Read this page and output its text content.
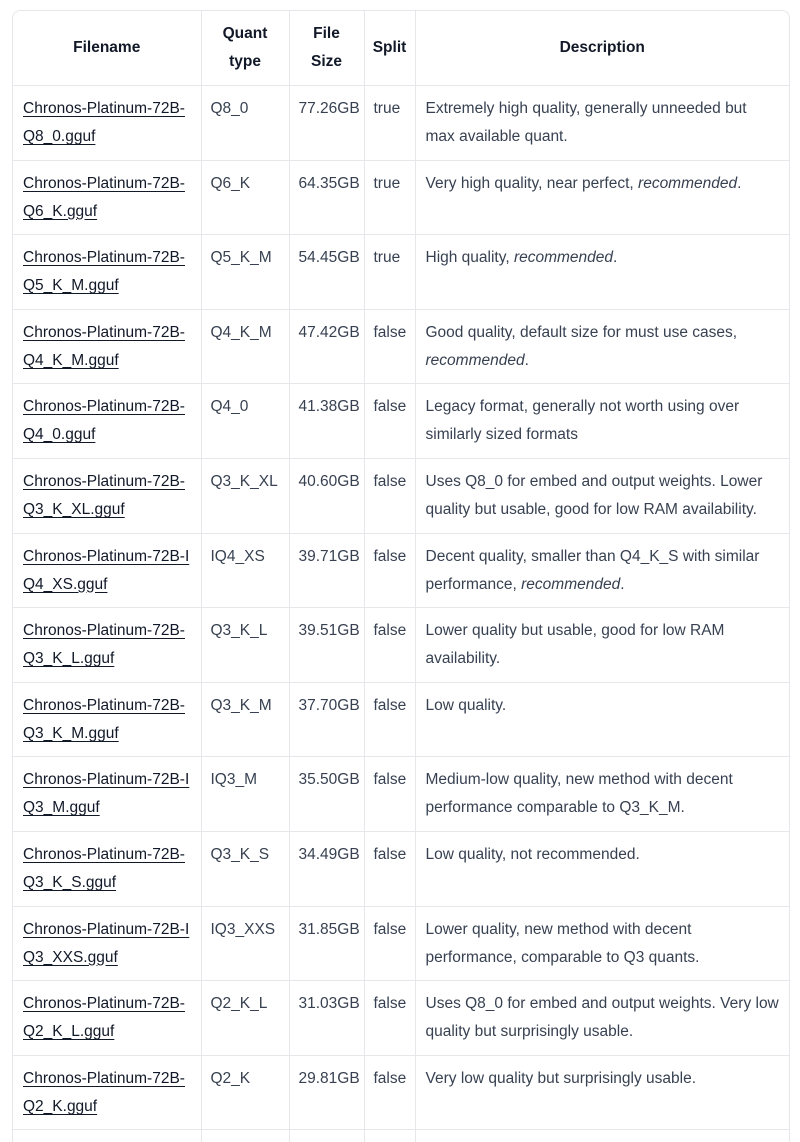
Filename	Quant type	File Size	Split	Description
Chronos-Platinum-72B-Q8_0.gguf	Q8_0	77.26GB	true	Extremely high quality, generally unneeded but max available quant.
Chronos-Platinum-72B-Q6_K.gguf	Q6_K	64.35GB	true	Very high quality, near perfect, recommended.
Chronos-Platinum-72B-Q5_K_M.gguf	Q5_K_M	54.45GB	true	High quality, recommended.
Chronos-Platinum-72B-Q4_K_M.gguf	Q4_K_M	47.42GB	false	Good quality, default size for must use cases, recommended.
Chronos-Platinum-72B-Q4_0.gguf	Q4_0	41.38GB	false	Legacy format, generally not worth using over similarly sized formats
Chronos-Platinum-72B-Q3_K_XL.gguf	Q3_K_XL	40.60GB	false	Uses Q8_0 for embed and output weights. Lower quality but usable, good for low RAM availability.
Chronos-Platinum-72B-IQ4_XS.gguf	IQ4_XS	39.71GB	false	Decent quality, smaller than Q4_K_S with similar performance, recommended.
Chronos-Platinum-72B-Q3_K_L.gguf	Q3_K_L	39.51GB	false	Lower quality but usable, good for low RAM availability.
Chronos-Platinum-72B-Q3_K_M.gguf	Q3_K_M	37.70GB	false	Low quality.
Chronos-Platinum-72B-IQ3_M.gguf	IQ3_M	35.50GB	false	Medium-low quality, new method with decent performance comparable to Q3_K_M.
Chronos-Platinum-72B-Q3_K_S.gguf	Q3_K_S	34.49GB	false	Low quality, not recommended.
Chronos-Platinum-72B-IQ3_XXS.gguf	IQ3_XXS	31.85GB	false	Lower quality, new method with decent performance, comparable to Q3 quants.
Chronos-Platinum-72B-Q2_K_L.gguf	Q2_K_L	31.03GB	false	Uses Q8_0 for embed and output weights. Very low quality but surprisingly usable.
Chronos-Platinum-72B-Q2_K.gguf	Q2_K	29.81GB	false	Very low quality but surprisingly usable.
